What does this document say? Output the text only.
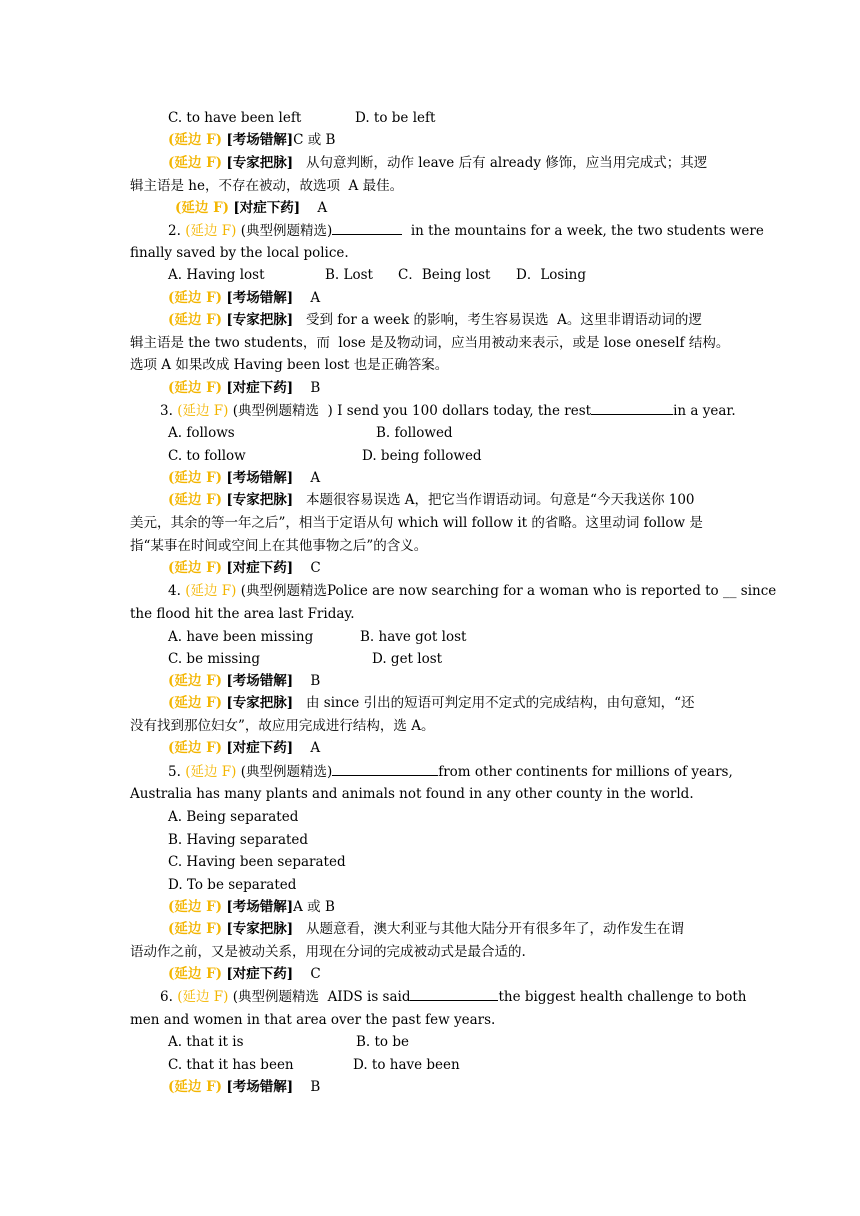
C. to have been left	D. to be left
(延边 F) [考场错解]C 或 B
(延边 F) [专家把脉] 从句意判断，动作 leave 后有 already 修饰，应当用完成式；其逻
辑主语是 he，不存在被动，故选项  A 最佳。
(延边 F) [对症下药] A
2. (延边 F) (典型例题精选)	in the mountains for a week, the two students were
finally saved by the local police.
A. Having lost	B. Lost C．Being lost D．Losing
(延边 F) [考场错解] A
(延边 F) [专家把脉] 受到 for a week 的影响，考生容易误选  A。这里非谓语动词的逻
辑主语是 the two students，而  lose 是及物动词，应当用被动来表示，或是 lose oneself 结构。
选项 A 如果改成 Having been lost 也是正确答案。
(延边 F) [对症下药] B
3. (延边 F) (典型例题精选  ) I send you 100 dollars today, the rest	in a year.
A. follows	B. followed
C. to follow	D. being followed
(延边 F) [考场错解] A
(延边 F) [专家把脉] 本题很容易误选 A，把它当作谓语动词。句意是“今天我送你 100
美元，其余的等一年之后”，相当于定语从句 which will follow it 的省略。这里动词 follow 是
指“某事在时间或空间上在其他事物之后”的含义。
(延边 F) [对症下药] C
4. (延边 F) (典型例题精选Police are now searching for a woman who is reported to __ since
the flood hit the area last Friday.
A. have been missing	B. have got lost
C. be missing	D. get lost
(延边 F) [考场错解] B
(延边 F) [专家把脉] 由 since 引出的短语可判定用不定式的完成结构，由句意知，“还
没有找到那位妇女”，故应用完成进行结构，选 A。
(延边 F) [对症下药] A
5. (延边 F) (典型例题精选)	from other continents for millions of years,
Australia has many plants and animals not found in any other county in the world.
A. Being separated
B. Having separated
C. Having been separated
D. To be separated
(延边 F) [考场错解]A 或 B
(延边 F) [专家把脉] 从题意看，澳大利亚与其他大陆分开有很多年了，动作发生在谓
语动作之前，又是被动关系，用现在分词的完成被动式是最合适的.
(延边 F) [对症下药] C
6. (延边 F) (典型例题精选 AIDS is said	the biggest health challenge to both
men and women in that area over the past few years.
A. that it is	B. to be
C. that it has been	D. to have been
(延边 F) [考场错解] B
